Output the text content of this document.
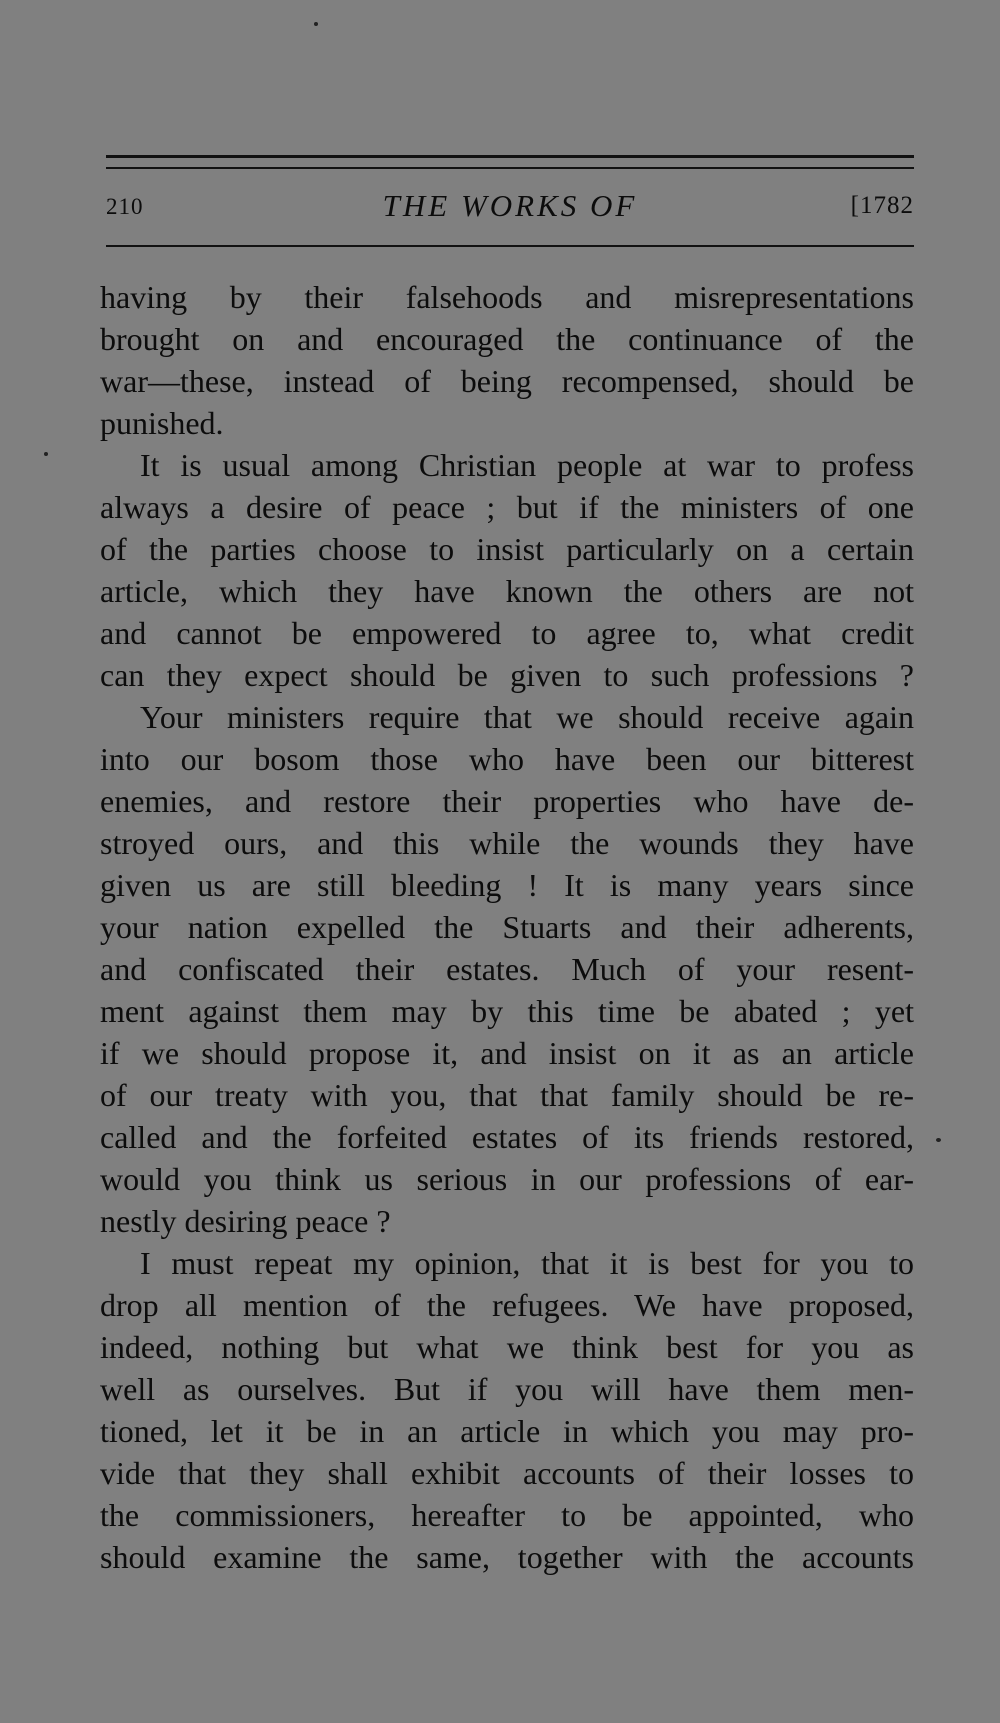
210	THE WORKS OF	[1782
having by their falsehoods and misrepresentations
brought on and encouraged the continuance of the
war—these, instead of being recompensed, should be
punished.
It is usual among Christian people at war to profess
always a desire of peace ; but if the ministers of one
of the parties choose to insist particularly on a certain
article, which they have known the others are not
and cannot be empowered to agree to, what credit
can they expect should be given to such professions ?
Your ministers require that we should receive again
into our bosom those who have been our bitterest
enemies, and restore their properties who have de-
stroyed ours, and this while the wounds they have
given us are still bleeding ! It is many years since
your nation expelled the Stuarts and their adherents,
and confiscated their estates. Much of your resent-
ment against them may by this time be abated ; yet
if we should propose it, and insist on it as an article
of our treaty with you, that that family should be re-
called and the forfeited estates of its friends restored,
would you think us serious in our professions of ear-
nestly desiring peace ?
I must repeat my opinion, that it is best for you to
drop all mention of the refugees. We have proposed,
indeed, nothing but what we think best for you as
well as ourselves. But if you will have them men-
tioned, let it be in an article in which you may pro-
vide that they shall exhibit accounts of their losses to
the commissioners, hereafter to be appointed, who
should examine the same, together with the accounts
